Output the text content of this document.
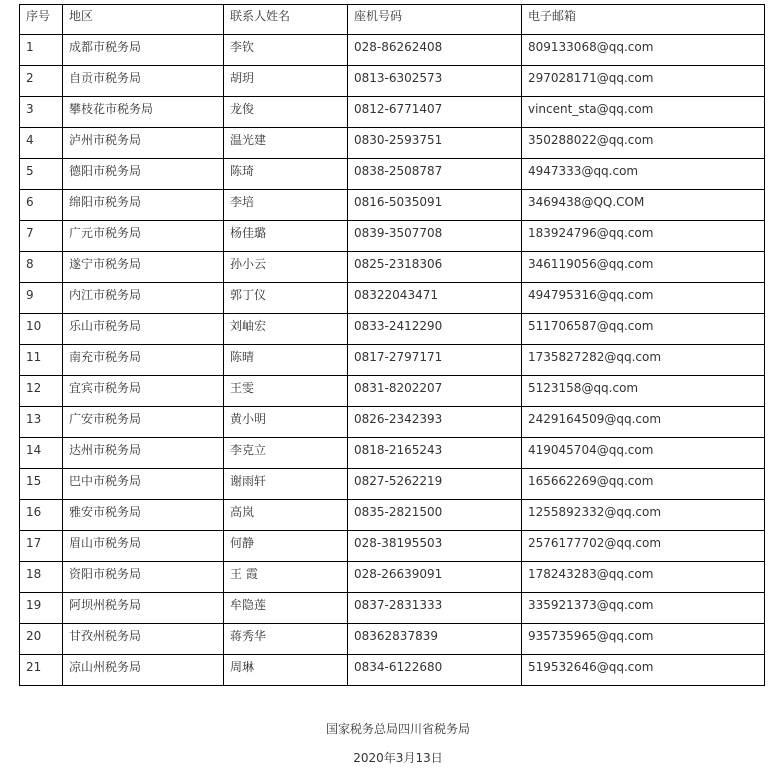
序号	地区	联系人姓名	座机号码	电子邮箱
1	成都市税务局	李钦	028-86262408	809133068@qq.com
2	自贡市税务局	胡玥	0813-6302573	297028171@qq.com
3	攀枝花市税务局	龙俊	0812-6771407	vincent_sta@qq.com
4	泸州市税务局	温光建	0830-2593751	350288022@qq.com
5	德阳市税务局	陈琦	0838-2508787	4947333@qq.com
6	绵阳市税务局	李培	0816-5035091	3469438@QQ.COM
7	广元市税务局	杨佳璐	0839-3507708	183924796@qq.com
8	遂宁市税务局	孙小云	0825-2318306	346119056@qq.com
9	内江市税务局	郭丁仪	08322043471	494795316@qq.com
10	乐山市税务局	刘岫宏	0833-2412290	511706587@qq.com
11	南充市税务局	陈晴	0817-2797171	1735827282@qq.com
12	宜宾市税务局	王雯	0831-8202207	5123158@qq.com
13	广安市税务局	黄小明	0826-2342393	2429164509@qq.com
14	达州市税务局	李克立	0818-2165243	419045704@qq.com
15	巴中市税务局	谢雨轩	0827-5262219	165662269@qq.com
16	雅安市税务局	高岚	0835-2821500	1255892332@qq.com
17	眉山市税务局	何静	028-38195503	2576177702@qq.com
18	资阳市税务局	王 霞	028-26639091	178243283@qq.com
19	阿坝州税务局	牟隐莲	0837-2831333	335921373@qq.com
20	甘孜州税务局	蒋秀华	08362837839	935735965@qq.com
21	凉山州税务局	周琳	0834-6122680	519532646@qq.com
国家税务总局四川省税务局
2020年3月13日
